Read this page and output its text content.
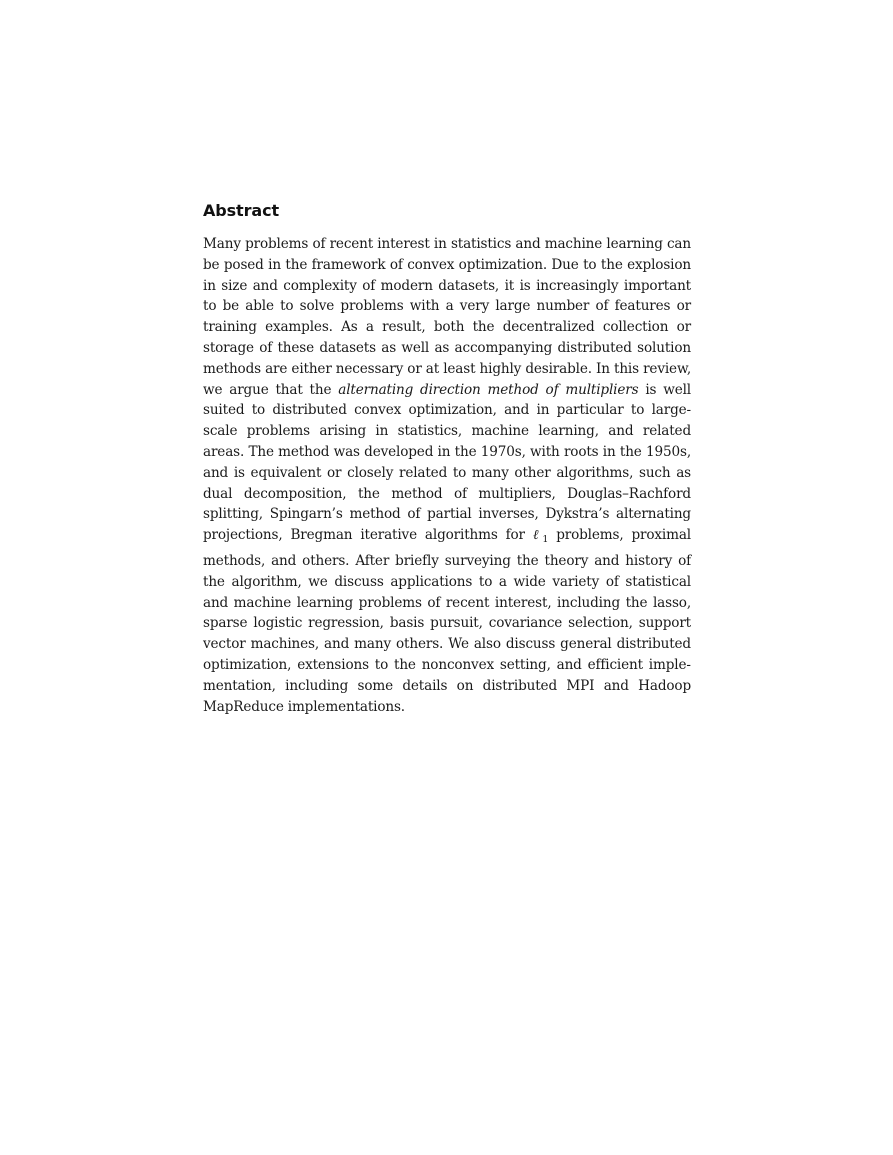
Abstract

Many problems of recent interest in statistics and machine learning can be posed in the framework of convex optimization. Due to the explosion in size and complexity of modern datasets, it is increasingly important to be able to solve problems with a very large number of features or training examples. As a result, both the decentralized collection or storage of these datasets as well as accompanying distributed solution methods are either necessary or at least highly desirable. In this review, we argue that the alternating direction method of multipliers is well suited to distributed convex optimization, and in particular to large-scale problems arising in statistics, machine learning, and related areas. The method was developed in the 1970s, with roots in the 1950s, and is equivalent or closely related to many other algorithms, such as dual decomposition, the method of multipliers, Douglas–Rachford splitting, Spingarn’s method of partial inverses, Dykstra’s alternating projections, Bregman iterative algorithms for ℓ$_1$ problems, proximal methods, and others. After briefly surveying the theory and history of the algorithm, we discuss applications to a wide variety of statistical and machine learning problems of recent interest, including the lasso, sparse logistic regression, basis pursuit, covariance selection, support vector machines, and many others. We also discuss general distributed optimization, extensions to the nonconvex setting, and efficient implementation, including some details on distributed MPI and Hadoop MapReduce implementations.
